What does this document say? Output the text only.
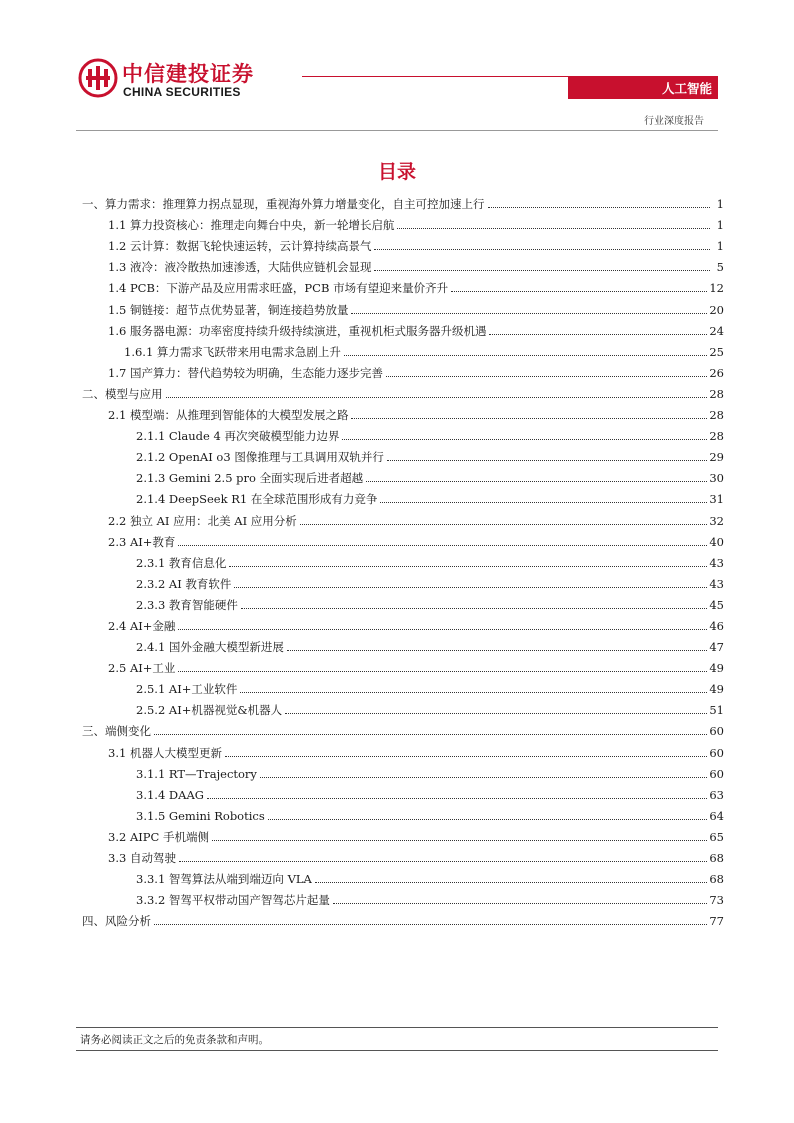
中信建投证券
CHINA SECURITIES	人工智能
行业深度报告
目录
一、算力需求：推理算力拐点显现，重视海外算力增量变化，自主可控加速上行	1
1.1 算力投资核心：推理走向舞台中央，新一轮增长启航	1
1.2 云计算：数据飞轮快速运转，云计算持续高景气	1
1.3 液冷：液冷散热加速渗透，大陆供应链机会显现	5
1.4 PCB：下游产品及应用需求旺盛，PCB 市场有望迎来量价齐升	12
1.5 铜链接：超节点优势显著，铜连接趋势放量	20
1.6 服务器电源：功率密度持续升级持续演进，重视机柜式服务器升级机遇	24
1.6.1 算力需求飞跃带来用电需求急剧上升	25
1.7 国产算力：替代趋势较为明确，生态能力逐步完善	26
二、模型与应用	28
2.1 模型端：从推理到智能体的大模型发展之路	28
2.1.1 Claude 4 再次突破模型能力边界	28
2.1.2 OpenAI o3 图像推理与工具调用双轨并行	29
2.1.3 Gemini 2.5 pro 全面实现后进者超越	30
2.1.4 DeepSeek R1 在全球范围形成有力竞争	31
2.2 独立 AI 应用：北美 AI 应用分析	32
2.3 AI+教育	40
2.3.1 教育信息化	43
2.3.2 AI 教育软件	43
2.3.3 教育智能硬件	45
2.4 AI+金融	46
2.4.1 国外金融大模型新进展	47
2.5 AI+工业	49
2.5.1 AI+工业软件	49
2.5.2 AI+机器视觉&机器人	51
三、端侧变化	60
3.1 机器人大模型更新	60
3.1.1 RT—Trajectory	60
3.1.4 DAAG	63
3.1.5 Gemini Robotics	64
3.2 AIPC 手机端侧	65
3.3 自动驾驶	68
3.3.1 智驾算法从端到端迈向 VLA	68
3.3.2 智驾平权带动国产智驾芯片起量	73
四、风险分析	77
请务必阅读正文之后的免责条款和声明。
